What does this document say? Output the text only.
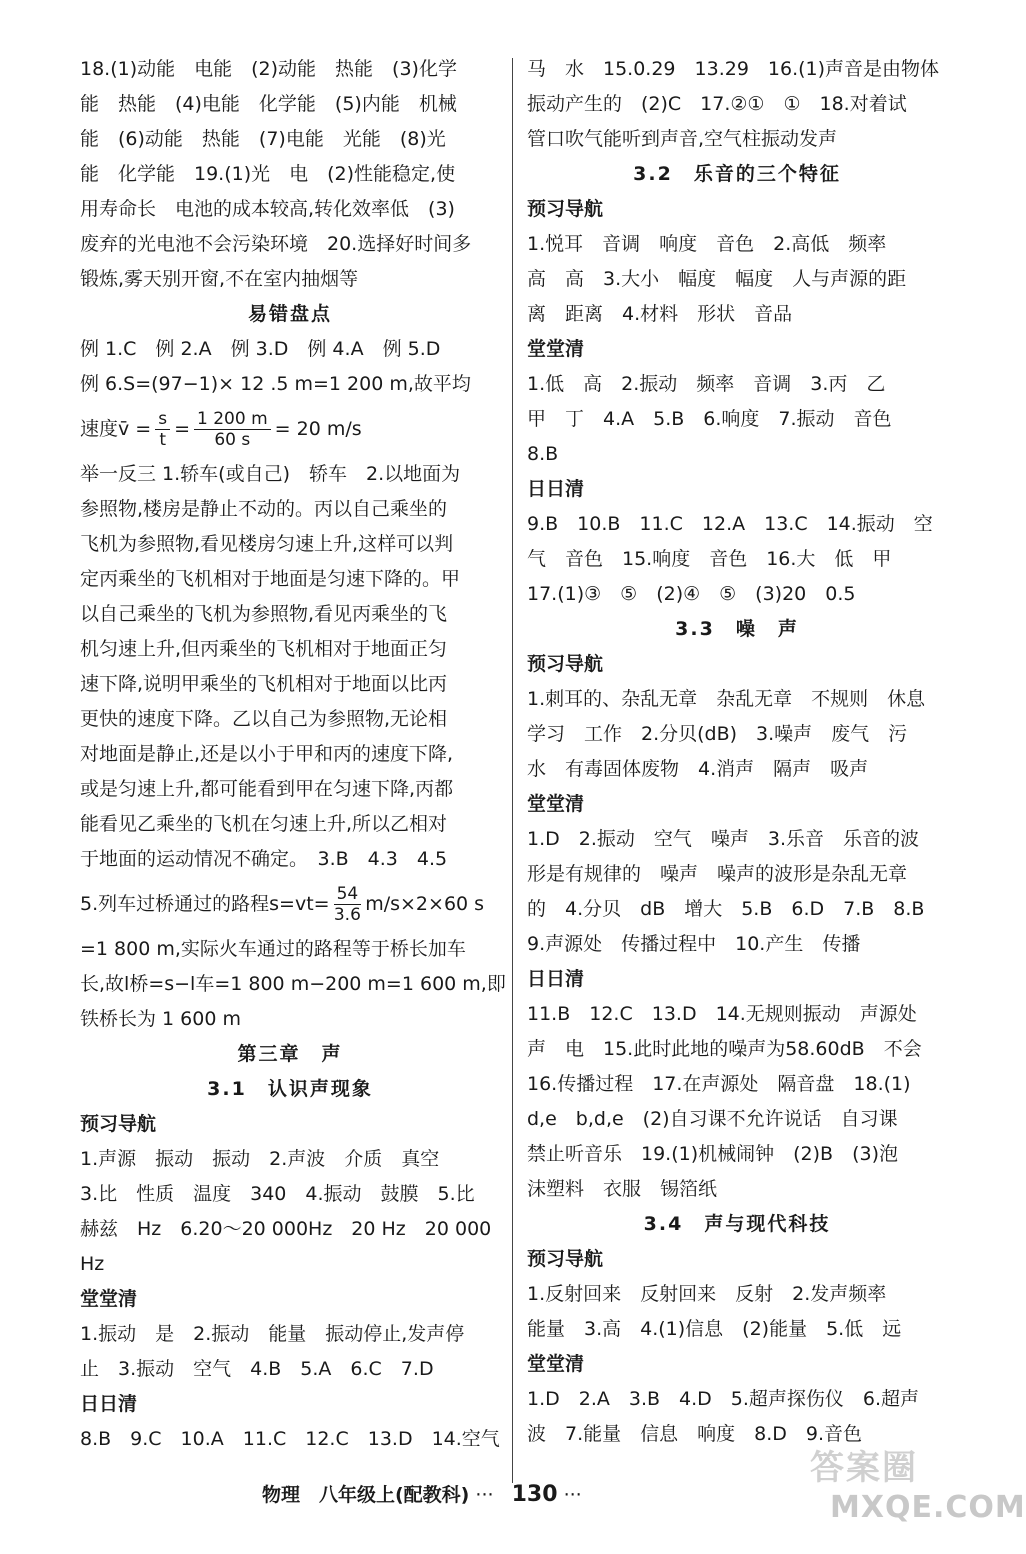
18.(1)动能　电能　(2)动能　热能　(3)化学
能　热能　(4)电能　化学能　(5)内能　机械
能　(6)动能　热能　(7)电能　光能　(8)光
能　化学能　19.(1)光　电　(2)性能稳定,使
用寿命长　电池的成本较高,转化效率低　(3)
废弃的光电池不会污染环境　20.选择好时间多
锻炼,雾天别开窗,不在室内抽烟等
易错盘点
例 1.C　例 2.A　例 3.D　例 4.A　例 5.D
例 6.S=(97−1)× 12 .5 m=1 200 m,故平均
速度v̄ = $\frac{s}{t} = \frac{1 200 m}{60 s} = 20$ m/s
举一反三 1.轿车(或自己)　轿车　2.以地面为
参照物,楼房是静止不动的。丙以自己乘坐的
飞机为参照物,看见楼房匀速上升,这样可以判
定丙乘坐的飞机相对于地面是匀速下降的。甲
以自己乘坐的飞机为参照物,看见丙乘坐的飞
机匀速上升,但丙乘坐的飞机相对于地面正匀
速下降,说明甲乘坐的飞机相对于地面以比丙
更快的速度下降。乙以自己为参照物,无论相
对地面是静止,还是以小于甲和丙的速度下降,
或是匀速上升,都可能看到甲在匀速下降,丙都
能看见乙乘坐的飞机在匀速上升,所以乙相对
于地面的运动情况不确定。　3.B　4.3　4.5
5.列车过桥通过的路程$s=vt= \frac{54}{3.6} m/s\times 2\times 60$ s
=1 800 m,实际火车通过的路程等于桥长加车
长,故l桥=s−l车=1 800 m−200 m=1 600 m,即
铁桥长为 1 600 m
第三章　声
3.1　认识声现象
预习导航
1.声源　振动　振动　2.声波　介质　真空
3.比　性质　温度　340　4.振动　鼓膜　5.比
赫兹　Hz　6.20～20 000Hz　20 Hz　20 000
Hz
堂堂清
1.振动　是　2.振动　能量　振动停止,发声停
止　3.振动　空气　4.B　5.A　6.C　7.D
日日清
8.B　9.C　10.A　11.C　12.C　13.D　14.空气
马　水　15.0.29　13.29　16.(1)声音是由物体
振动产生的　(2)C　17.②①　①　18.对着试
管口吹气能听到声音,空气柱振动发声
3.2　乐音的三个特征
预习导航
1.悦耳　音调　响度　音色　2.高低　频率
高　高　3.大小　幅度　幅度　人与声源的距
离　距离　4.材料　形状　音品
堂堂清
1.低　高　2.振动　频率　音调　3.丙　乙
甲　丁　4.A　5.B　6.响度　7.振动　音色
8.B
日日清
9.B　10.B　11.C　12.A　13.C　14.振动　空
气　音色　15.响度　音色　16.大　低　甲
17.(1)③　⑤　(2)④　⑤　(3)20　0.5
3.3　噪　声
预习导航
1.刺耳的、杂乱无章　杂乱无章　不规则　休息
学习　工作　2.分贝(dB)　3.噪声　废气　污
水　有毒固体废物　4.消声　隔声　吸声
堂堂清
1.D　2.振动　空气　噪声　3.乐音　乐音的波
形是有规律的　噪声　噪声的波形是杂乱无章
的　4.分贝　dB　增大　5.B　6.D　7.B　8.B
9.声源处　传播过程中　10.产生　传播
日日清
11.B　12.C　13.D　14.无规则振动　声源处
声　电　15.此时此地的噪声为58.60dB　不会
16.传播过程　17.在声源处　隔音盘　18.(1)
d,e　b,d,e　(2)自习课不允许说话　自习课
禁止听音乐　19.(1)机械闹钟　(2)B　(3)泡
沫塑料　衣服　锡箔纸
3.4　声与现代科技
预习导航
1.反射回来　反射回来　反射　2.发声频率
能量　3.高　4.(1)信息　(2)能量　5.低　远
堂堂清
1.D　2.A　3.B　4.D　5.超声探伤仪　6.超声
波　7.能量　信息　响度　8.D　9.音色
物理　八年级上(配教科) ··· 130 ···
答案圈
MXQE.COM
